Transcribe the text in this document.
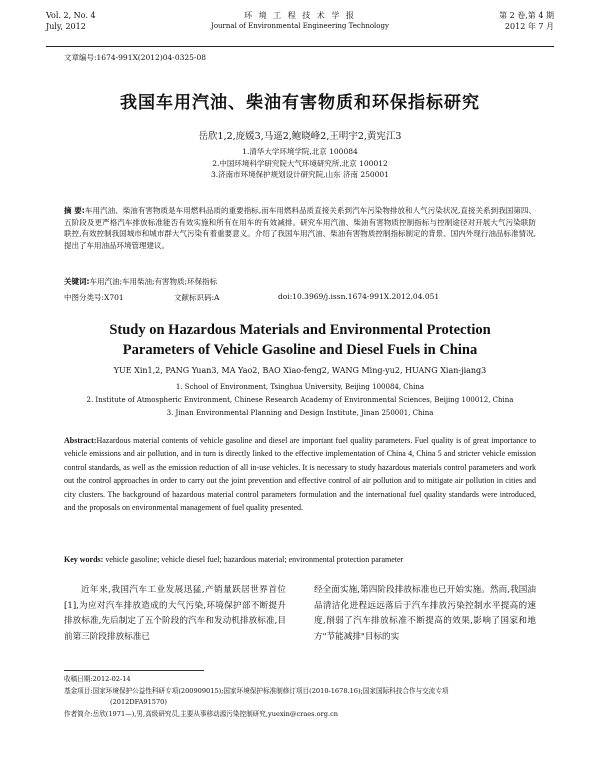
Vol. 2, No. 4
July, 2012
环 境 工 程 技 术 学 报
Journal of Environmental Engineering Technology
第 2 卷,第 4 期
2012 年 7 月
文章编号:1674-991X(2012)04-0325-08
我国车用汽油、柴油有害物质和环保指标研究
岳欣1,2,庞媛3,马遥2,鲍晓峰2,王明宇2,黄宪江3
1.清华大学环境学院,北京 100084
2.中国环境科学研究院大气环境研究所,北京 100012
3.济南市环境保护规划设计研究院,山东 济南 250001
摘 要:车用汽油、柴油有害物质是车用燃料品质的重要指标,而车用燃料品质直接关系到汽车污染物排放和人气污染状况,直接关系到我国第四、五阶段及更严格汽车排放标准能否有效实施和所有在用车的有效减排。研究车用汽油、柴油有害物质控制指标与控制途径对开展大气污染联防联控,有效控制我国城市和城市群大气污染有着重要意义。介绍了我国车用汽油、柴油有害物质控制指标制定的背景、国内外现行油品标准情况,提出了车用油品环境管理建议。
关键词:车用汽油;车用柴油;有害物质;环保指标
中图分类号:X701	文献标识码:A	doi:10.3969/j.issn.1674-991X.2012.04.051
Study on Hazardous Materials and Environmental Protection
Parameters of Vehicle Gasoline and Diesel Fuels in China
YUE Xin1,2, PANG Yuan3, MA Yao2, BAO Xiao-feng2, WANG Ming-yu2, HUANG Xian-jiang3
1. School of Environment, Tsinghua University, Beijing 100084, China
2. Institute of Atmospheric Environment, Chinese Research Academy of Environmental Sciences, Beijing 100012, China
3. Jinan Environmental Planning and Design Institute, Jinan 250001, China
Abstract:Hazardous material contents of vehicle gasoline and diesel are important fuel quality parameters. Fuel quality is of great importance to vehicle emissions and air pollution, and in turn is directly linked to the effective implementation of China 4, China 5 and stricter vehicle emission control standards, as well as the emission reduction of all in-use vehicles. It is necessary to study hazardous materials control parameters and work out the control approaches in order to carry out the joint prevention and effective control of air pollution and to mitigate air pollution in cities and city clusters. The background of hazardous material control parameters formulation and the international fuel quality standards were introduced, and the proposals on environmental management of fuel quality presented.
Key words: vehicle gasoline; vehicle diesel fuel; hazardous material; environmental protection parameter
近年来,我国汽车工业发展迅猛,产销量跃居世界首位[1],为应对汽车排放造成的大气污染,环境保护部不断提升排放标准,先后制定了五个阶段的汽车和发动机排放标准,目前第三阶段排放标准已
经全面实施,第四阶段排放标准也已开始实施。然而,我国油品清洁化进程远远落后于汽车排放污染控制水平提高的速度,削弱了汽车排放标准不断提高的效果,影响了国家和地方"节能减排"目标的实
收稿日期:2012-02-14
基金项目:国家环境保护公益性科研专项(200909015);国家环境保护标准制修订项目(2010-1678.16);国家国际科技合作与交流专项
(2012DFA91570)
作者简介:岳欣(1971—),男,高级研究员,主要从事移动源污染控制研究,yuexin@craes.org.cn
